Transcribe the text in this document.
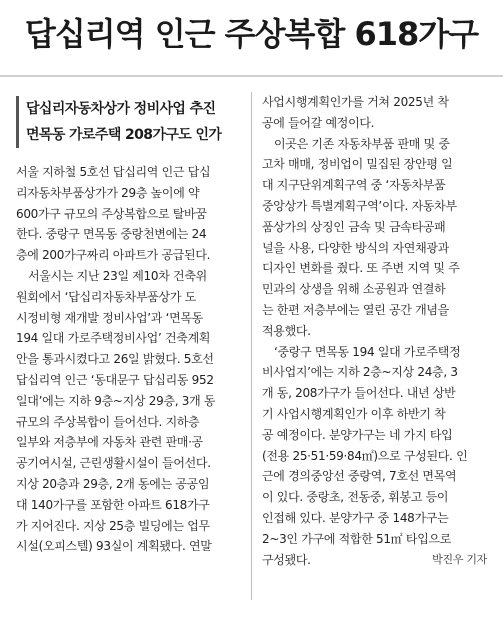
답십리역 인근 주상복합 618가구
답십리자동차상가 정비사업 추진
면목동 가로주택 208가구도 인가
서울 지하철 5호선 답십리역 인근 답십
리자동차부품상가가 29층 높이에 약
600가구 규모의 주상복합으로 탈바꿈
한다. 중랑구 면목동 중랑천변에는 24
층에 200가구짜리 아파트가 공급된다.
서울시는 지난 23일 제10차 건축위
원회에서 ‘답십리자동차부품상가 도
시정비형 재개발 정비사업’과 ‘면목동
194 일대 가로주택정비사업’ 건축계획
안을 통과시켰다고 26일 밝혔다. 5호선
답십리역 인근 ‘동대문구 답십리동 952
일대’에는 지하 9층~지상 29층, 3개 동
규모의 주상복합이 들어선다. 지하층
일부와 저층부에 자동차 관련 판매·공
공기여시설, 근린생활시설이 들어선다.
지상 20층과 29층, 2개 동에는 공공임
대 140가구를 포함한 아파트 618가구
가 지어진다. 지상 25층 빌딩에는 업무
시설(오피스텔) 93실이 계획됐다. 연말
사업시행계획인가를 거쳐 2025년 착
공에 들어갈 예정이다.
이곳은 기존 자동차부품 판매 및 중
고차 매매, 정비업이 밀집된 장안평 일
대 지구단위계획구역 중 ‘자동차부품
중앙상가 특별계획구역’이다. 자동차부
품상가의 상징인 금속 및 금속타공패
널을 사용, 다양한 방식의 자연채광과
디자인 변화를 줬다. 또 주변 지역 및 주
민과의 상생을 위해 소공원과 연결하
는 한편 저층부에는 열린 공간 개념을
적용했다.
‘중랑구 면목동 194 일대 가로주택정
비사업지’에는 지하 2층~지상 24층, 3
개 동, 208가구가 들어선다. 내년 상반
기 사업시행계획인가 이후 하반기 착
공 예정이다. 분양가구는 네 가지 타입
(전용 25·51·59·84㎡)으로 구성된다. 인
근에 경의중앙선 중랑역, 7호선 면목역
이 있다. 중랑초, 전동중, 휘봉고 등이
인접해 있다. 분양가구 중 148가구는
2~3인 가구에 적합한 51㎡ 타입으로
구성됐다.	박진우 기자
